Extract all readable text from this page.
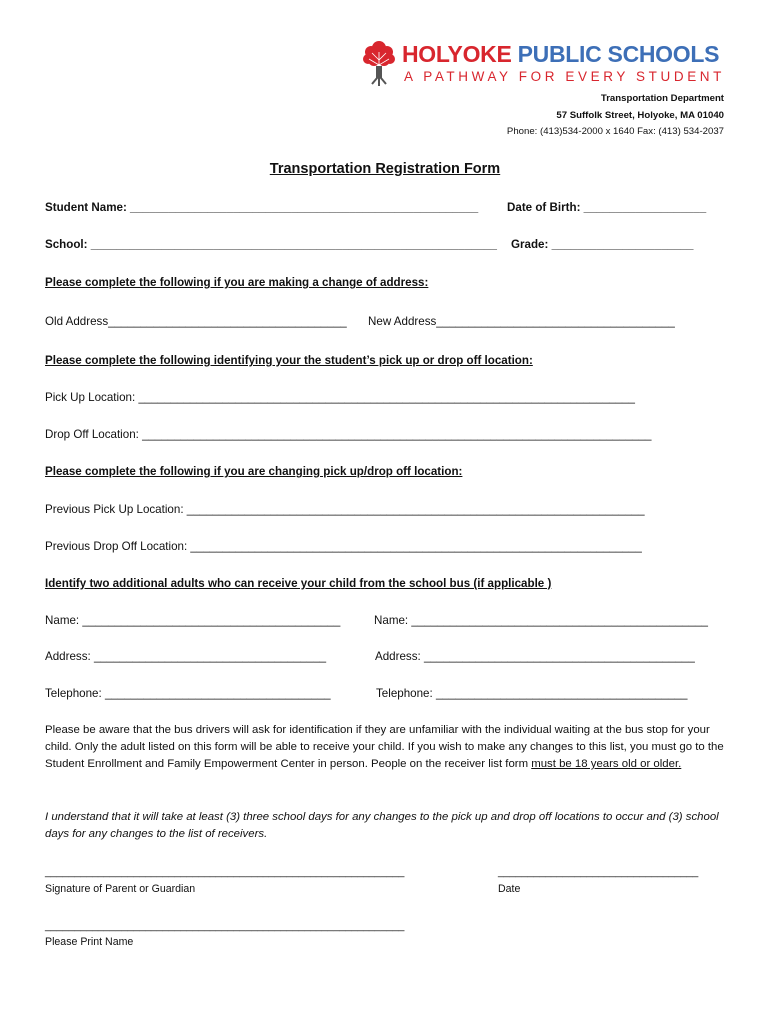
HOLYOKE PUBLIC SCHOOLS
A PATHWAY FOR EVERY STUDENT
Transportation Department
57 Suffolk Street, Holyoke, MA 01040
Phone: (413)534-2000 x 1640 Fax: (413) 534-2037
Transportation Registration Form
Student Name: ______________________________________________________ Date of Birth: ___________________
School: _______________________________________________________________ Grade: ______________________
Please complete the following if you are making a change of address:
Old Address_____________________________________ New Address_____________________________________
Please complete the following identifying your the student’s pick up or drop off location:
Pick Up Location: _____________________________________________________________________________
Drop Off Location: _______________________________________________________________________________
Please complete the following if you are changing pick up/drop off location:
Previous Pick Up Location: _______________________________________________________________________
Previous Drop Off Location: ______________________________________________________________________
Identify two additional adults who can receive your child from the school bus (if applicable )
Name: ________________________________________	Name: ______________________________________________
Address: ____________________________________	Address: __________________________________________
Telephone: ___________________________________	Telephone: _______________________________________
Please be aware that the bus drivers will ask for identification if they are unfamiliar with the individual waiting at the bus stop for your child. Only the adult listed on this form will be able to receive your child. If you wish to make any changes to this list, you must go to the Student Enrollment and Family Empowerment Center in person. People on the receiver list form must be 18 years old or older.
I understand that it will take at least (3) three school days for any changes to the pick up and drop off locations to occur and (3) school days for any changes to the list of receivers.
_____________________________________________________________
Signature of Parent or Guardian
__________________________________
Date
_____________________________________________________________
Please Print Name
